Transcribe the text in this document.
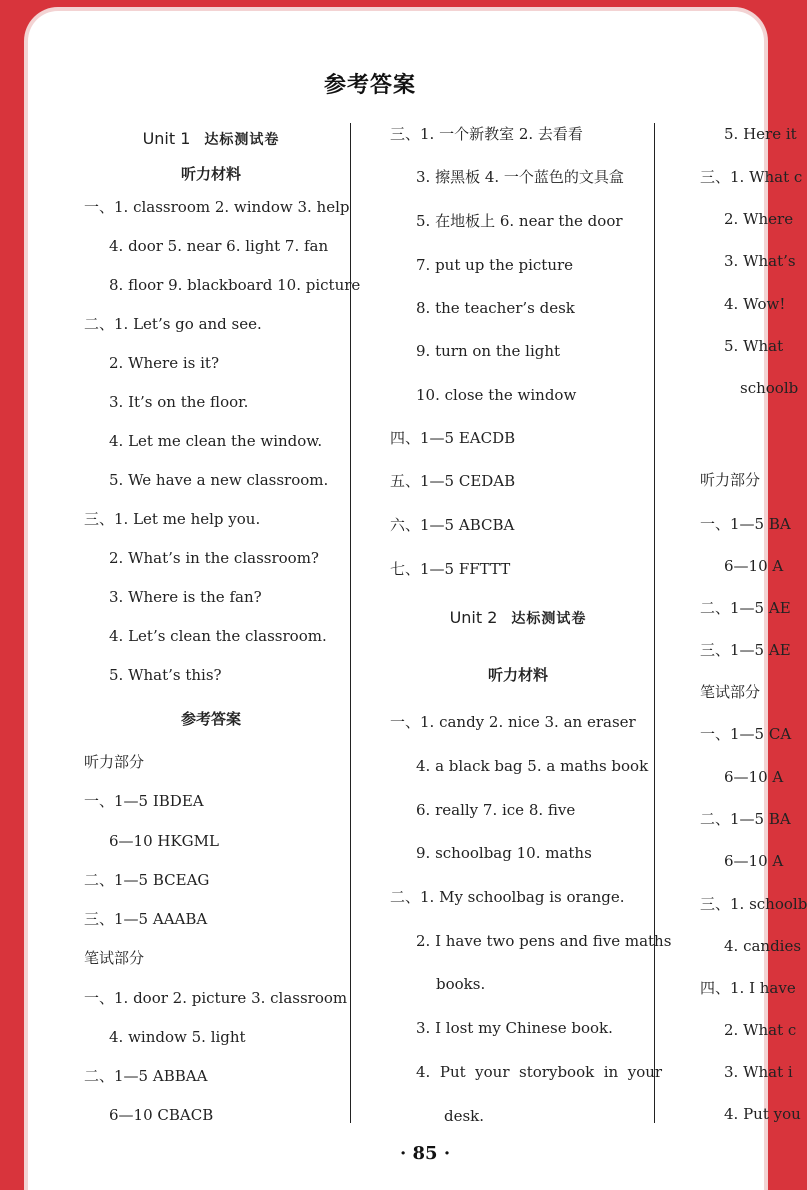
参考答案
Unit 1 达标测试卷
听力材料
一、1. classroom 2. window 3. help
4. door 5. near 6. light 7. fan
8. floor 9. blackboard 10. picture
二、1. Let’s go and see.
2. Where is it?
3. It’s on the floor.
4. Let me clean the window.
5. We have a new classroom.
三、1. Let me help you.
2. What’s in the classroom?
3. Where is the fan?
4. Let’s clean the classroom.
5. What’s this?
参考答案
听力部分
一、1—5 IBDEA
6—10 HKGML
二、1—5 BCEAG
三、1—5 AAABA
笔试部分
一、1. door 2. picture 3. classroom
4. window 5. light
二、1—5 ABBAA
6—10 CBACB
三、1. 一个新教室 2. 去看看
3. 擦黑板 4. 一个蓝色的文具盒
5. 在地板上 6. near the door
7. put up the picture
8. the teacher’s desk
9. turn on the light
10. close the window
四、1—5 EACDB
五、1—5 CEDAB
六、1—5 ABCBA
七、1—5 FFTTT
Unit 2 达标测试卷
听力材料
一、1. candy 2. nice 3. an eraser
4. a black bag 5. a maths book
6. really 7. ice 8. five
9. schoolbag 10. maths
二、1. My schoolbag is orange.
2. I have two pens and five maths
books.
3. I lost my Chinese book.
4.  Put  your  storybook  in  your
desk.
5. Here it
三、1. What c
2. Where
3. What’s
4. Wow!
5. What
schoolb
听力部分
一、1—5 BA
6—10 A
二、1—5 AE
三、1—5 AE
笔试部分
一、1—5 CA
6—10 A
二、1—5 BA
6—10 A
三、1. schoolb
4. candies
四、1. I have
2. What c
3. What i
4. Put you
· 85 ·
